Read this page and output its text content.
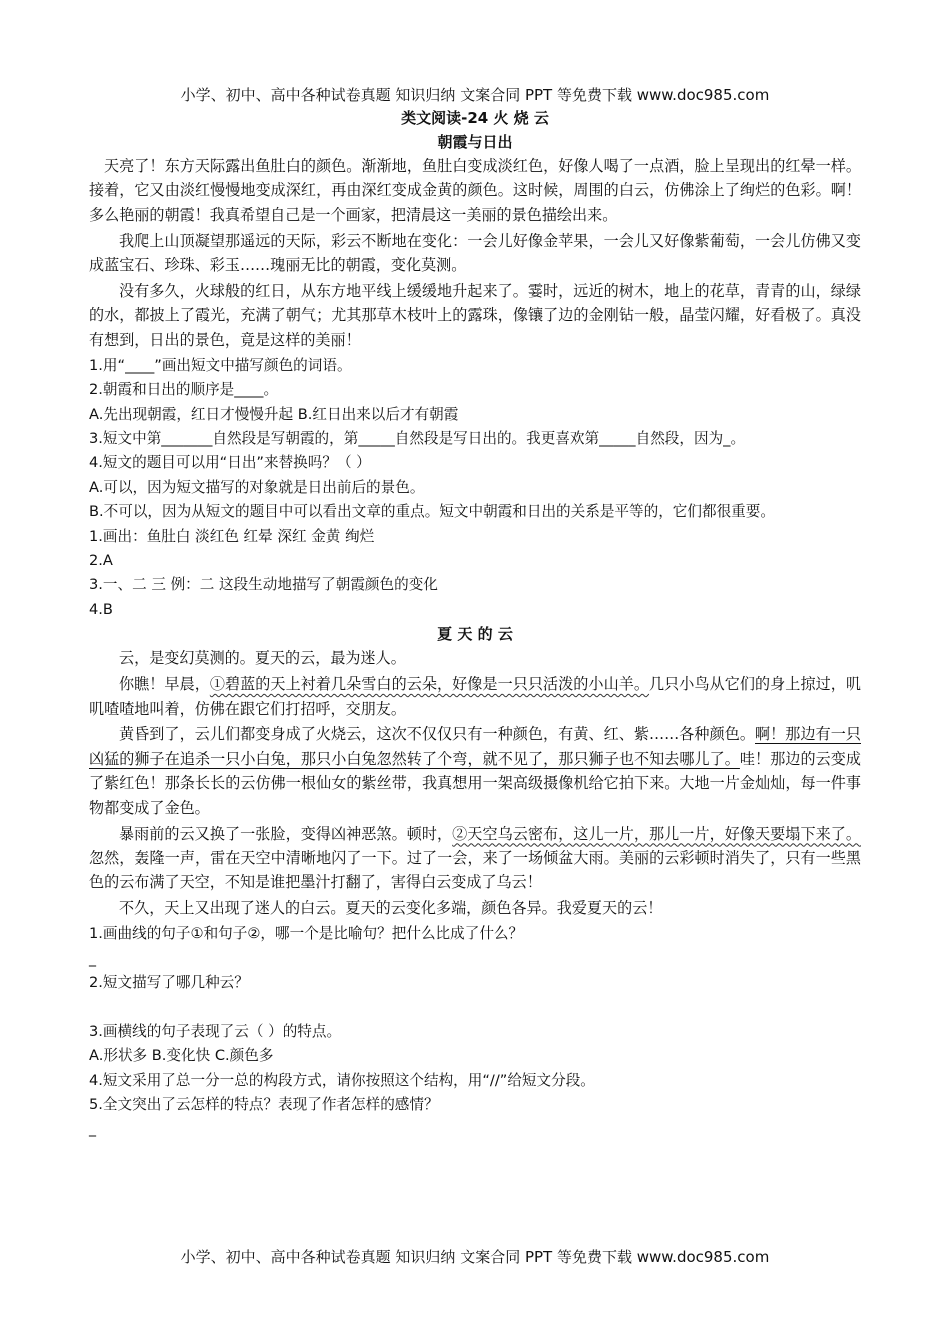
小学、初中、高中各种试卷真题 知识归纳 文案合同 PPT 等免费下载 www.doc985.com
类文阅读-24 火 烧 云
朝霞与日出
天亮了！东方天际露出鱼肚白的颜色。渐渐地，鱼肚白变成淡红色，好像人喝了一点酒，脸上呈现出的红晕一样。接着，它又由淡红慢慢地变成深红，再由深红变成金黄的颜色。这时候，周围的白云，仿佛涂上了绚烂的色彩。啊！多么艳丽的朝霞！我真希望自己是一个画家，把清晨这一美丽的景色描绘出来。
我爬上山顶凝望那遥远的天际，彩云不断地在变化：一会儿好像金苹果，一会儿又好像紫葡萄，一会儿仿佛又变成蓝宝石、珍珠、彩玉……瑰丽无比的朝霞，变化莫测。
没有多久，火球般的红日，从东方地平线上缓缓地升起来了。霎时，远近的树木，地上的花草，青青的山，绿绿的水，都披上了霞光，充满了朝气；尤其那草木枝叶上的露珠，像镶了边的金刚钻一般，晶莹闪耀，好看极了。真没有想到，日出的景色，竟是这样的美丽！
1.用“____”画出短文中描写颜色的词语。
2.朝霞和日出的顺序是____。
A.先出现朝霞，红日才慢慢升起 B.红日出来以后才有朝霞
3.短文中第_______自然段是写朝霞的，第_____自然段是写日出的。我更喜欢第_____自然段，因为_。
4.短文的题目可以用“日出”来替换吗？（ ）
A.可以，因为短文描写的对象就是日出前后的景色。
B.不可以，因为从短文的题目中可以看出文章的重点。短文中朝霞和日出的关系是平等的，它们都很重要。
1.画出：鱼肚白 淡红色 红晕 深红 金黄 绚烂
2.A
3.一、二 三 例：二 这段生动地描写了朝霞颜色的变化
4.B
夏 天 的 云
云，是变幻莫测的。夏天的云，最为迷人。
你瞧！早晨，①碧蓝的天上衬着几朵雪白的云朵，好像是一只只活泼的小山羊。几只小鸟从它们的身上掠过，叽叽喳喳地叫着，仿佛在跟它们打招呼，交朋友。
黄昏到了，云儿们都变身成了火烧云，这次不仅仅只有一种颜色，有黄、红、紫……各种颜色。啊！那边有一只凶猛的狮子在追杀一只小白兔，那只小白兔忽然转了个弯，就不见了，那只狮子也不知去哪儿了。哇！那边的云变成了紫红色！那条长长的云仿佛一根仙女的紫丝带，我真想用一架高级摄像机给它拍下来。大地一片金灿灿，每一件事物都变成了金色。
暴雨前的云又换了一张脸，变得凶神恶煞。顿时，②天空乌云密布，这儿一片，那儿一片，好像天要塌下来了。忽然，轰隆一声，雷在天空中清晰地闪了一下。过了一会，来了一场倾盆大雨。美丽的云彩顿时消失了，只有一些黑色的云布满了天空，不知是谁把墨汁打翻了，害得白云变成了乌云！
不久，天上又出现了迷人的白云。夏天的云变化多端，颜色各异。我爱夏天的云！
1.画曲线的句子①和句子②，哪一个是比喻句？把什么比成了什么？
_
2.短文描写了哪几种云？
3.画横线的句子表现了云（ ）的特点。
A.形状多 B.变化快 C.颜色多
4.短文采用了总一分一总的构段方式，请你按照这个结构，用“//”给短文分段。
5.全文突出了云怎样的特点？表现了作者怎样的感情？
_
小学、初中、高中各种试卷真题 知识归纳 文案合同 PPT 等免费下载 www.doc985.com
